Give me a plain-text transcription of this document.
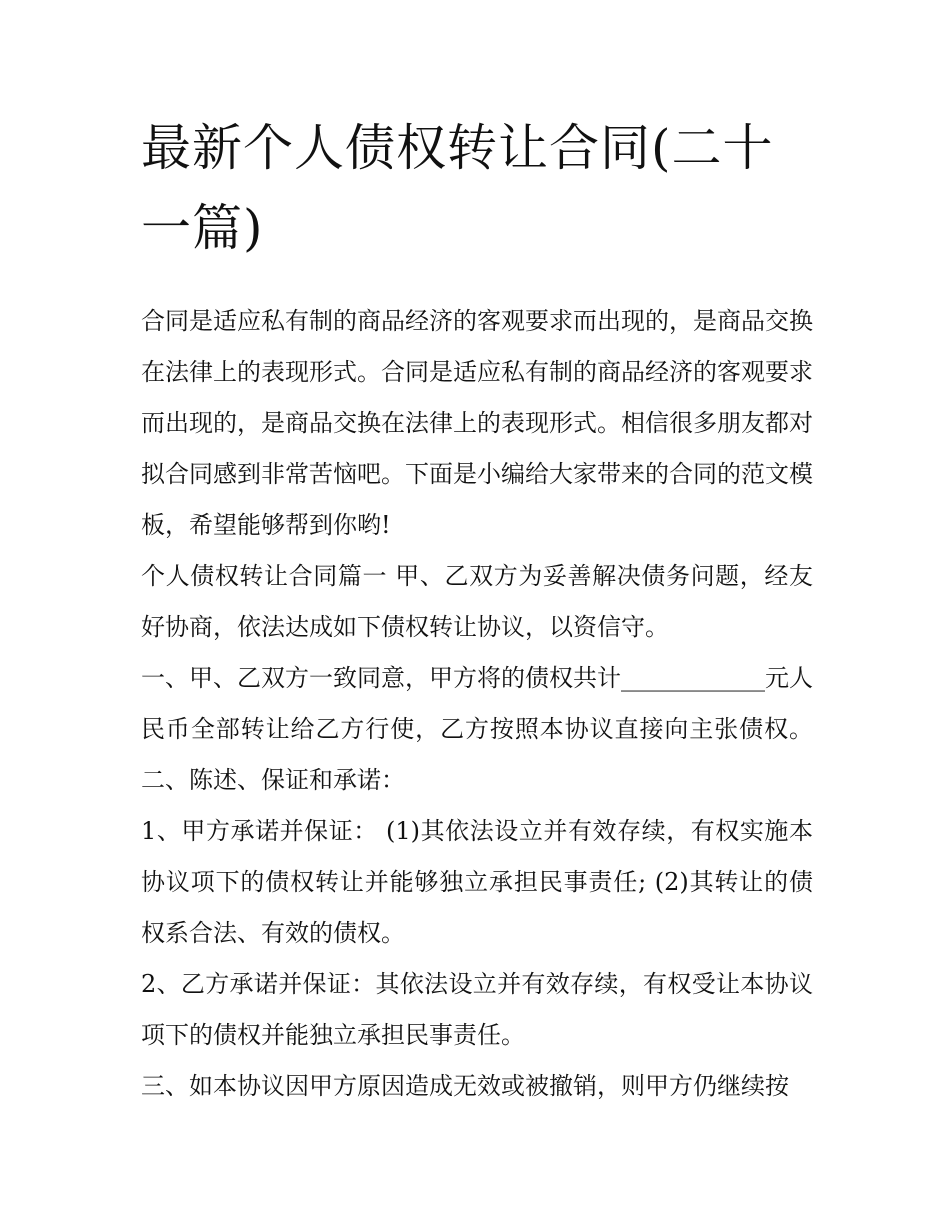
最新个人债权转让合同(二十一篇)

合同是适应私有制的商品经济的客观要求而出现的，是商品交换在法律上的表现形式。合同是适应私有制的商品经济的客观要求而出现的，是商品交换在法律上的表现形式。相信很多朋友都对拟合同感到非常苦恼吧。下面是小编给大家带来的合同的范文模板，希望能够帮到你哟!

个人债权转让合同篇一 甲、乙双方为妥善解决债务问题，经友好协商，依法达成如下债权转让协议，以资信守。

一、甲、乙双方一致同意，甲方将的债权共计____________元人民币全部转让给乙方行使，乙方按照本协议直接向主张债权。 二、陈述、保证和承诺：

1、甲方承诺并保证： (1)其依法设立并有效存续，有权实施本协议项下的债权转让并能够独立承担民事责任; (2)其转让的债权系合法、有效的债权。

2、乙方承诺并保证：其依法设立并有效存续，有权受让本协议项下的债权并能独立承担民事责任。

三、如本协议因甲方原因造成无效或被撤销，则甲方仍继续按
